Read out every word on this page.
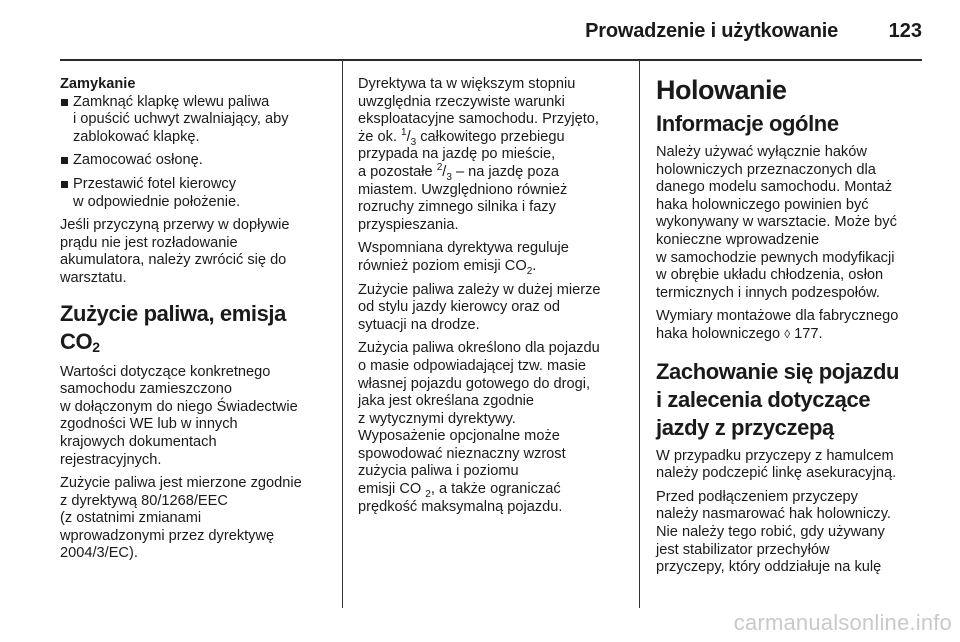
Prowadzenie i użytkowanie	123
Zamykanie
Zamknąć klapkę wlewu paliwa
i opuścić uchwyt zwalniający, aby
zablokować klapkę.
Zamocować osłonę.
Przestawić fotel kierowcy
w odpowiednie położenie.

Jeśli przyczyną przerwy w dopływie
prądu nie jest rozładowanie
akumulatora, należy zwrócić się do
warsztatu.

Zużycie paliwa, emisja
$CO_2$

Wartości dotyczące konkretnego
samochodu zamieszczono
w dołączonym do niego Świadectwie
zgodności WE lub w innych
krajowych dokumentach
rejestracyjnych.

Zużycie paliwa jest mierzone zgodnie
z dyrektywą 80/1268/EEC
(z ostatnimi zmianami
wprowadzonymi przez dyrektywę
2004/3/EC).

Dyrektywa ta w większym stopniu
uwzględnia rzeczywiste warunki
eksploatacyjne samochodu. Przyjęto,
że ok. $^1/_3$ całkowitego przebiegu
przypada na jazdę po mieście,
a pozostałe $^2/_3$ – na jazdę poza
miastem. Uwzględniono również
rozruchy zimnego silnika i fazy
przyspieszania.

Wspomniana dyrektywa reguluje
również poziom emisji $CO_2$.

Zużycie paliwa zależy w dużej mierze
od stylu jazdy kierowcy oraz od
sytuacji na drodze.

Zużycia paliwa określono dla pojazdu
o masie odpowiadającej tzw. masie
własnej pojazdu gotowego do drogi,
jaka jest określana zgodnie
z wytycznymi dyrektywy.
Wyposażenie opcjonalne może
spowodować nieznaczny wzrost
zużycia paliwa i poziomu
emisji CO $_2$, a także ograniczać
prędkość maksymalną pojazdu.

Holowanie
Informacje ogólne

Należy używać wyłącznie haków
holowniczych przeznaczonych dla
danego modelu samochodu. Montaż
haka holowniczego powinien być
wykonywany w warsztacie. Może być
konieczne wprowadzenie
w samochodzie pewnych modyfikacji
w obrębie układu chłodzenia, osłon
termicznych i innych podzespołów.

Wymiary montażowe dla fabrycznego
haka holowniczego ◊ 177.

Zachowanie się pojazdu
i zalecenia dotyczące
jazdy z przyczepą

W przypadku przyczepy z hamulcem
należy podczepić linkę asekuracyjną.

Przed podłączeniem przyczepy
należy nasmarować hak holowniczy.
Nie należy tego robić, gdy używany
jest stabilizator przechyłów
przyczepy, który oddziałuje na kulę

carmanualsonline.info
